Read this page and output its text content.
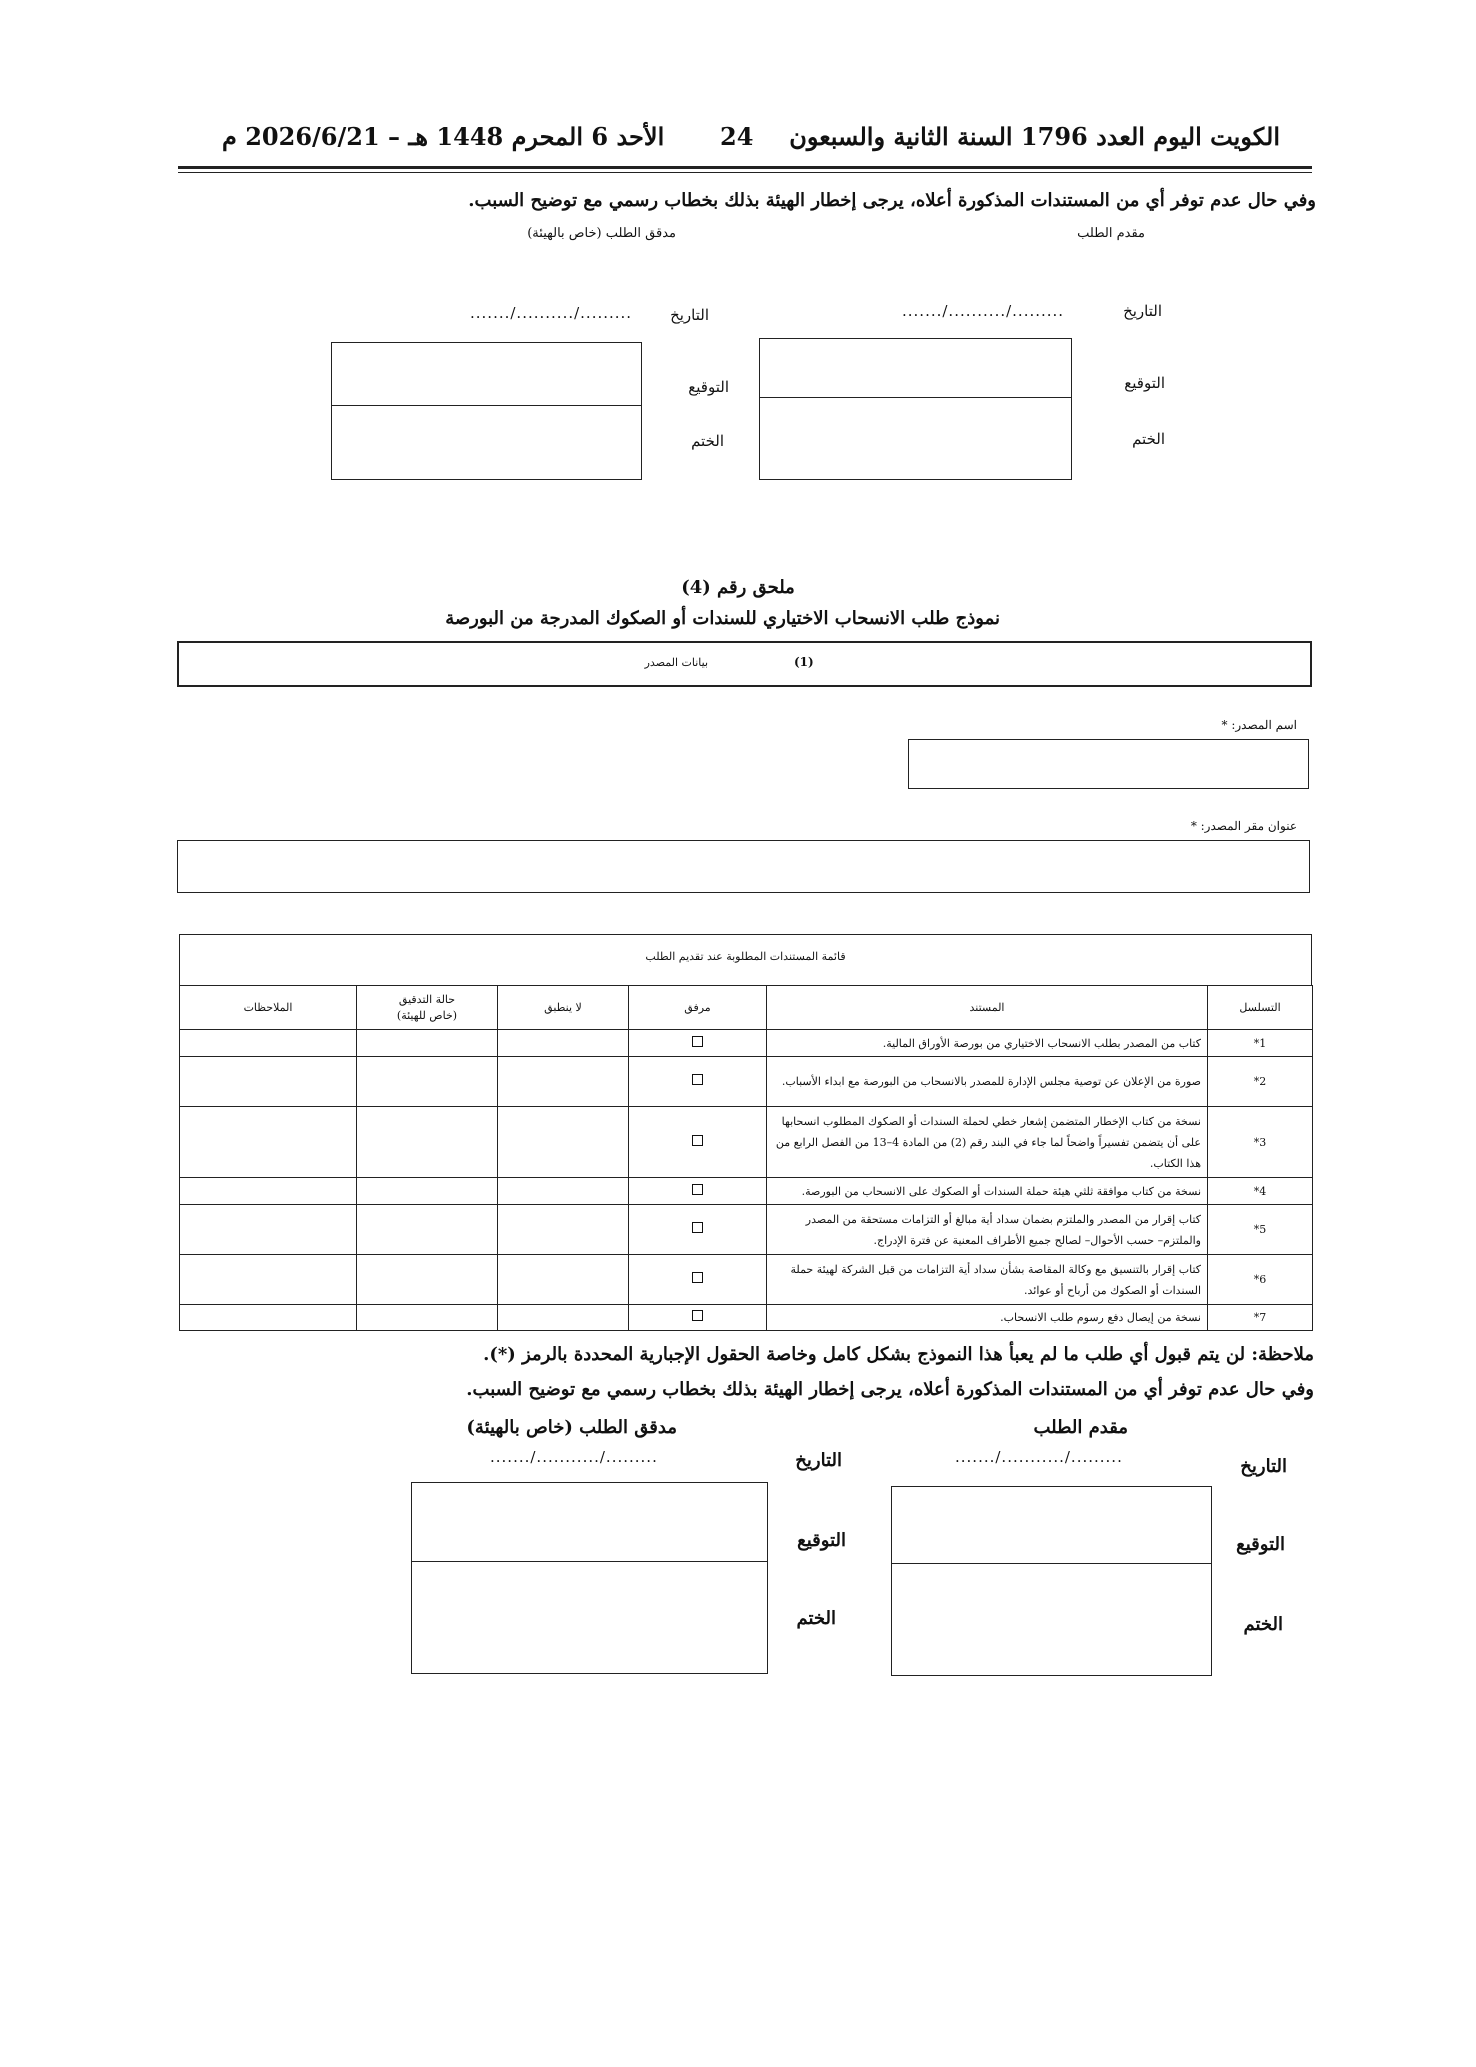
الكويت اليوم العدد 1796 السنة الثانية والسبعون
24
الأحد 6 المحرم 1448 هـ – 2026/6/21 م
وفي حال عدم توفر أي من المستندات المذكورة أعلاه، يرجى إخطار الهيئة بذلك بخطاب رسمي مع توضيح السبب.
مقدم الطلب
مدقق الطلب (خاص بالهيئة)
التاريخ
......./........../.........
التاريخ
......./........../.........
التوقيع
الختم
التوقيع
الختم
ملحق رقم (4)
نموذج طلب الانسحاب الاختياري للسندات أو الصكوك المدرجة من البورصة
(1)
بيانات المصدر
اسم المصدر: *
عنوان مقر المصدر: *
قائمة المستندات المطلوبة عند تقديم الطلب
التسلسل	المستند	مرفق	لا ينطبق	حالة التدقيق
(خاص للهيئة)	الملاحظات
1*	كتاب من المصدر بطلب الانسحاب الاختياري من بورصة الأوراق المالية.				
2*	صورة من الإعلان عن توصية مجلس الإدارة للمصدر بالانسحاب من البورصة مع ابداء الأسباب.				
3*	نسخة من كتاب الإخطار المتضمن إشعار خطي لحملة السندات أو الصكوك المطلوب انسحابها على أن يتضمن تفسيراً واضحاً لما جاء في البند رقم (2) من المادة 4–13 من الفصل الرابع من هذا الكتاب.				
4*	نسخة من كتاب موافقة ثلثي هيئة حملة السندات أو الصكوك على الانسحاب من البورصة.				
5*	كتاب إقرار من المصدر والملتزم بضمان سداد أية مبالغ أو التزامات مستحقة من المصدر والملتزم– حسب الأحوال– لصالح جميع الأطراف المعنية عن فترة الإدراج.				
6*	كتاب إقرار بالتنسيق مع وكالة المقاصة بشأن سداد أية التزامات من قبل الشركة لهيئة حملة السندات أو الصكوك من أرباح أو عوائد.				
7*	نسخة من إيصال دفع رسوم طلب الانسحاب.				
ملاحظة: لن يتم قبول أي طلب ما لم يعبأ هذا النموذج بشكل كامل وخاصة الحقول الإجبارية المحددة بالرمز (*).
وفي حال عدم توفر أي من المستندات المذكورة أعلاه، يرجى إخطار الهيئة بذلك بخطاب رسمي مع توضيح السبب.
مقدم الطلب
مدقق الطلب (خاص بالهيئة)
التاريخ
......./.........../.........
التاريخ
......./.........../.........
التوقيع
الختم
التوقيع
الختم
